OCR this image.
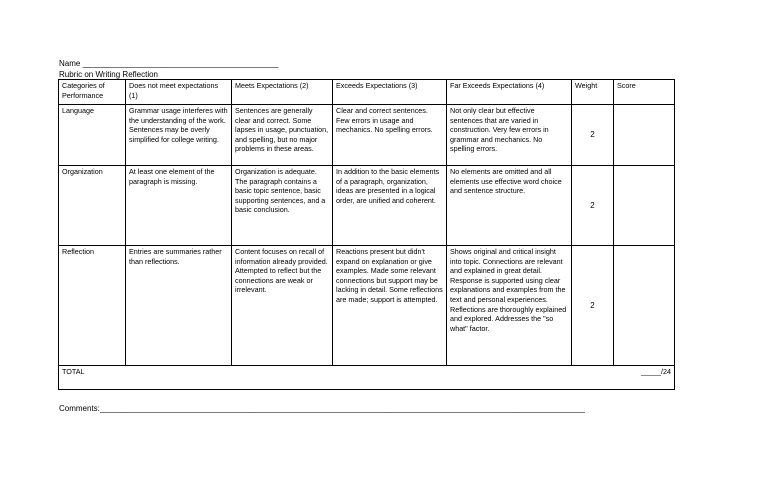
Name ____________________________________________
Rubric on Writing Reflection
Categories of Performance	Does not meet expectations (1)	Meets Expectations (2)	Exceeds Expectations (3)	Far Exceeds Expectations (4)	Weight	Score
Language	Grammar usage interferes with the understanding of the work. Sentences may be overly simplified for college writing.	Sentences are generally clear and correct. Some lapses in usage, punctuation, and spelling, but no major problems in these areas.	Clear and correct sentences. Few errors in usage and mechanics. No spelling errors.	Not only clear but effective sentences that are varied in construction. Very few errors in grammar and mechanics. No spelling errors.	2	
Organization	At least one element of the paragraph is missing.	Organization is adequate. The paragraph contains a basic topic sentence, basic supporting sentences, and a basic conclusion.	In addition to the basic elements of a paragraph, organization, ideas are presented in a logical order, are unified and coherent.	No elements are omitted and all elements use effective word choice and sentence structure.	2	
Reflection	Entries are summaries rather than reflections.	Content focuses on recall of information already provided. Attempted to reflect but the connections are weak or irrelevant.	Reactions present but didn't expand on explanation or give examples. Made some relevant connections but support may be lacking in detail. Some reflections are made; support is attempted.	Shows original and critical insight into topic. Connections are relevant and explained in great detail. Response is supported using clear explanations and examples from the text and personal experiences. Reflections are thoroughly explained and explored. Addresses the "so what" factor.	2	
TOTAL _____/24						
Comments:_____________________________________________________________________________________________________________
